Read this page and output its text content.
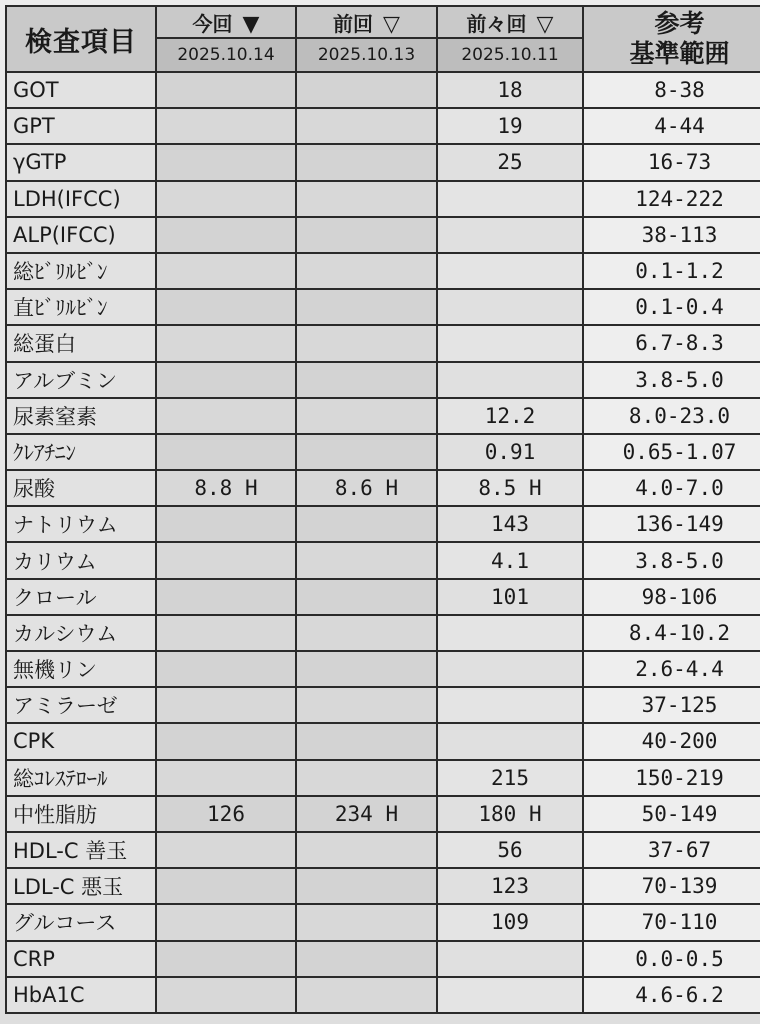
検査項目	今回 ▼	前回 ▽	前々回 ▽	参考
基準範囲

	2025.10.14	2025.10.13	2025.10.11	
GOT			18	8-38
GPT			19	4-44
γGTP			25	16-73
LDH(IFCC)				124-222
ALP(IFCC)				38-113
総ﾋﾞﾘﾙﾋﾞﾝ				0.1-1.2
直ﾋﾞﾘﾙﾋﾞﾝ				0.1-0.4
総蛋白				6.7-8.3
アルブミン				3.8-5.0
尿素窒素			12.2	8.0-23.0
ｸﾚｱﾁﾆﾝ			0.91	0.65-1.07
尿酸	8.8 H	8.6 H	8.5 H	4.0-7.0
ナトリウム			143	136-149
カリウム			4.1	3.8-5.0
クロール			101	98-106
カルシウム				8.4-10.2
無機リン				2.6-4.4
アミラーゼ				37-125
CPK				40-200
総ｺﾚｽﾃﾛｰﾙ			215	150-219
中性脂肪	126	234 H	180 H	50-149
HDL-C 善玉			56	37-67
LDL-C 悪玉			123	70-139
グルコース			109	70-110
CRP				0.0-0.5
HbA1C				4.6-6.2
